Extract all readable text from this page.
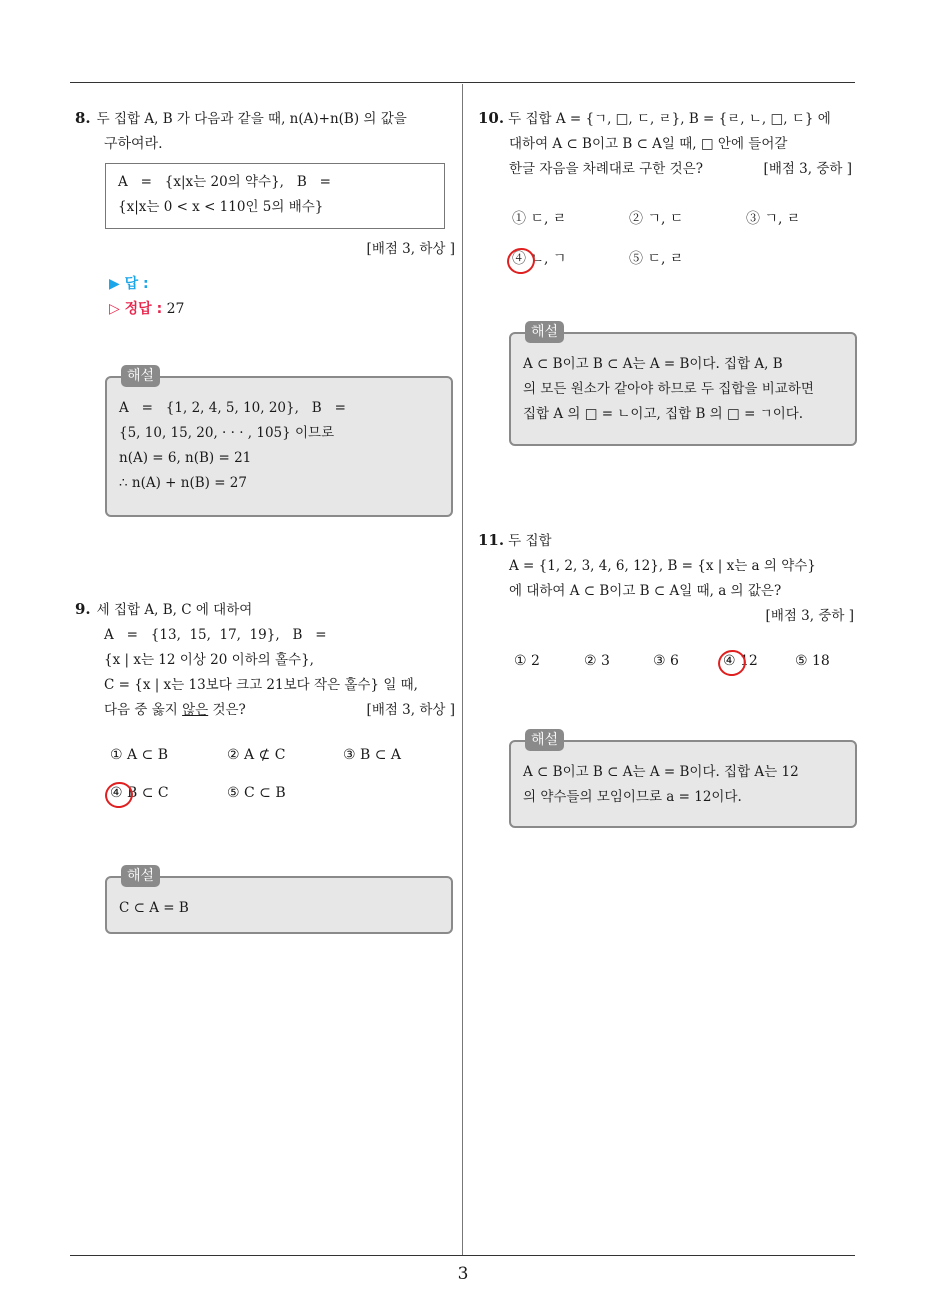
8. 두 집합 A, B 가 다음과 같을 때, n(A)+n(B) 의 값을
구하여라.
A   =   {x|x는 20의 약수},   B   =
{x|x는 0 < x < 110인 5의 배수}
[배점 3, 하상 ]
▶ 답 :
▷ 정답 : 27
해설
A   =   {1, 2, 4, 5, 10, 20},   B   =
{5, 10, 15, 20, · · · , 105} 이므로
n(A) = 6, n(B) = 21
∴ n(A) + n(B) = 27
9. 세 집합 A, B, C 에 대하여
A   =   {13,  15,  17,  19},   B   =
{x | x는 12 이상 20 이하의 홀수},
C = {x | x는 13보다 크고 21보다 작은 홀수} 일 때,
다음 중 옳지 않은 것은?	[배점 3, 하상 ]
① A ⊂ B	② A ⊄ C	③ B ⊂ A
④ B ⊂ C	⑤ C ⊂ B
해설
C ⊂ A = B
10. 두 집합 A = {ㄱ, □, ㄷ, ㄹ}, B = {ㄹ, ㄴ, □, ㄷ} 에
대하여 A ⊂ B이고 B ⊂ A일 때, □ 안에 들어갈
한글 자음을 차례대로 구한 것은?	[배점 3, 중하 ]
① ㄷ, ㄹ	② ㄱ, ㄷ	③ ㄱ, ㄹ
④ ㄴ, ㄱ	⑤ ㄷ, ㄹ
해설
A ⊂ B이고 B ⊂ A는 A = B이다. 집합 A, B
의 모든 원소가 같아야 하므로 두 집합을 비교하면
집합 A 의 □ = ㄴ이고, 집합 B 의 □ = ㄱ이다.
11. 두 집합
A = {1, 2, 3, 4, 6, 12}, B = {x | x는 a 의 약수}
에 대하여 A ⊂ B이고 B ⊂ A일 때, a 의 값은?
[배점 3, 중하 ]
① 2	② 3	③ 6	④ 12	⑤ 18
해설
A ⊂ B이고 B ⊂ A는 A = B이다. 집합 A는 12
의 약수들의 모임이므로 a = 12이다.
3
